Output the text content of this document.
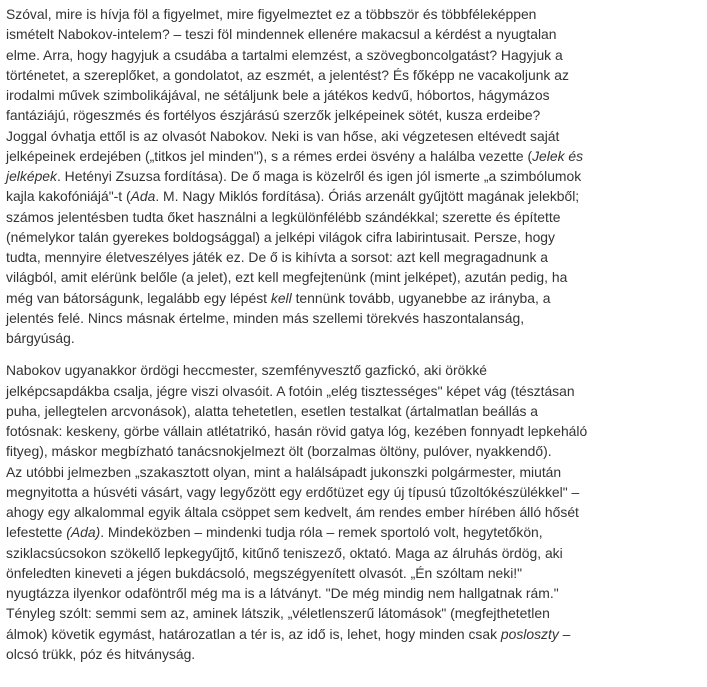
Szóval, mire is hívja föl a figyelmet, mire figyelmeztet ez a többször és többféleképpen
ismételt Nabokov-intelem? – teszi föl mindennek ellenére makacsul a kérdést a nyugtalan
elme. Arra, hogy hagyjuk a csudába a tartalmi elemzést, a szövegboncolgatást? Hagyjuk a
történetet, a szereplőket, a gondolatot, az eszmét, a jelentést? És főképp ne vacakoljunk az
irodalmi művek szimbolikájával, ne sétáljunk bele a játékos kedvű, hóbortos, hágymázos
fantáziájú, rögeszmés és fortélyos észjárású szerzők jelképeinek sötét, kusza erdeibe?
Joggal óvhatja ettől is az olvasót Nabokov. Neki is van hőse, aki végzetesen eltévedt saját
jelképeinek erdejében („titkos jel minden"), s a rémes erdei ösvény a halálba vezette (Jelek és
jelképek. Hetényi Zsuzsa fordítása). De ő maga is közelről és igen jól ismerte „a szimbólumok
kajla kakofóniájá"-t (Ada. M. Nagy Miklós fordítása). Óriás arzenált gyűjtött magának jelekből;
számos jelentésben tudta őket használni a legkülönfélébb szándékkal; szerette és építette
(némelykor talán gyerekes boldogsággal) a jelképi világok cifra labirintusait. Persze, hogy
tudta, mennyire életveszélyes játék ez. De ő is kihívta a sorsot: azt kell megragadnunk a
világból, amit elérünk belőle (a jelet), ezt kell megfejtenünk (mint jelképet), azután pedig, ha
még van bátorságunk, legalább egy lépést kell tennünk tovább, ugyanebbe az irányba, a
jelentés felé. Nincs másnak értelme, minden más szellemi törekvés haszontalanság,
bárgyúság.

Nabokov ugyanakkor ördögi heccmester, szemfényvesztő gazfickó, aki örökké
jelképcsapdákba csalja, jégre viszi olvasóit. A fotóin „elég tisztességes" képet vág (tésztásan
puha, jellegtelen arcvonások), alatta tehetetlen, esetlen testalkat (ártalmatlan beállás a
fotósnak: keskeny, görbe vállain atlétatrikó, hasán rövid gatya lóg, kezében fonnyadt lepkeháló
fityeg), máskor megbízható tanácsnokjelmezt ölt (borzalmas öltöny, pulóver, nyakkendő).
Az utóbbi jelmezben „szakasztott olyan, mint a halálsápadt jukonszki polgármester, miután
megnyitotta a húsvéti vásárt, vagy legyőzött egy erdőtüzet egy új típusú tűzoltókészülékkel" –
ahogy egy alkalommal egyik általa csöppet sem kedvelt, ám rendes ember hírében álló hősét
lefestette (Ada). Mindeközben – mindenki tudja róla – remek sportoló volt, hegytetőkön,
sziklacsúcsokon szökellő lepkegyűjtő, kitűnő teniszező, oktató. Maga az álruhás ördög, aki
önfeledten kineveti a jégen bukdácsoló, megszégyenített olvasót. „Én szóltam neki!"
nyugtázza ilyenkor odaföntről még ma is a látványt. "De még mindig nem hallgatnak rám."
Tényleg szólt: semmi sem az, aminek látszik, „véletlenszerű látomások" (megfejthetetlen
álmok) követik egymást, határozatlan a tér is, az idő is, lehet, hogy minden csak posloszty –
olcsó trükk, póz és hitványság.
